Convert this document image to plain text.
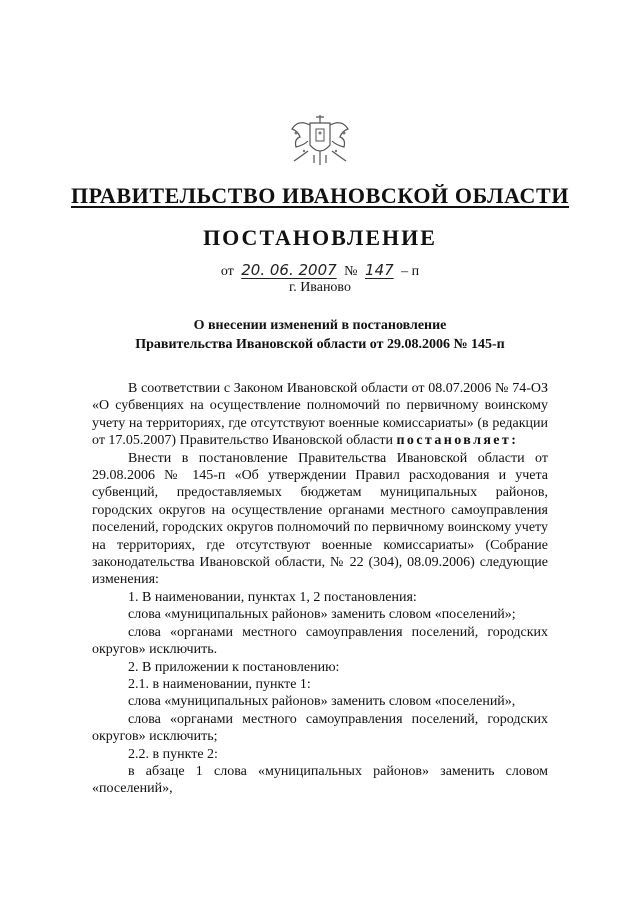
ПРАВИТЕЛЬСТВО ИВАНОВСКОЙ ОБЛАСТИ
ПОСТАНОВЛЕНИЕ
от 20. 06. 2007 № 147 – п
г. Иваново
О внесении изменений в постановление
Правительства Ивановской области от 29.08.2006 № 145-п

В соответствии с Законом Ивановской области от 08.07.2006 № 74-ОЗ «О субвенциях на осуществление полномочий по первичному воинскому учету на территориях, где отсутствуют военные комиссариаты» (в редакции от 17.05.2007) Правительство Ивановской области постановляет:

Внести в постановление Правительства Ивановской области от 29.08.2006 № 145-п «Об утверждении Правил расходования и учета субвенций, предоставляемых бюджетам муниципальных районов, городских округов на осуществление органами местного самоуправления поселений, городских округов полномочий по первичному воинскому учету на территориях, где отсутствуют военные комиссариаты» (Собрание законодательства Ивановской области, № 22 (304), 08.09.2006) следующие изменения:

1. В наименовании, пунктах 1, 2 постановления:

слова «муниципальных районов» заменить словом «поселений»;

слова «органами местного самоуправления поселений, городских округов» исключить.

2. В приложении к постановлению:

2.1. в наименовании, пункте 1:

слова «муниципальных районов» заменить словом «поселений»,

слова «органами местного самоуправления поселений, городских округов» исключить;

2.2. в пункте 2:

в абзаце 1 слова «муниципальных районов» заменить словом «поселений»,
